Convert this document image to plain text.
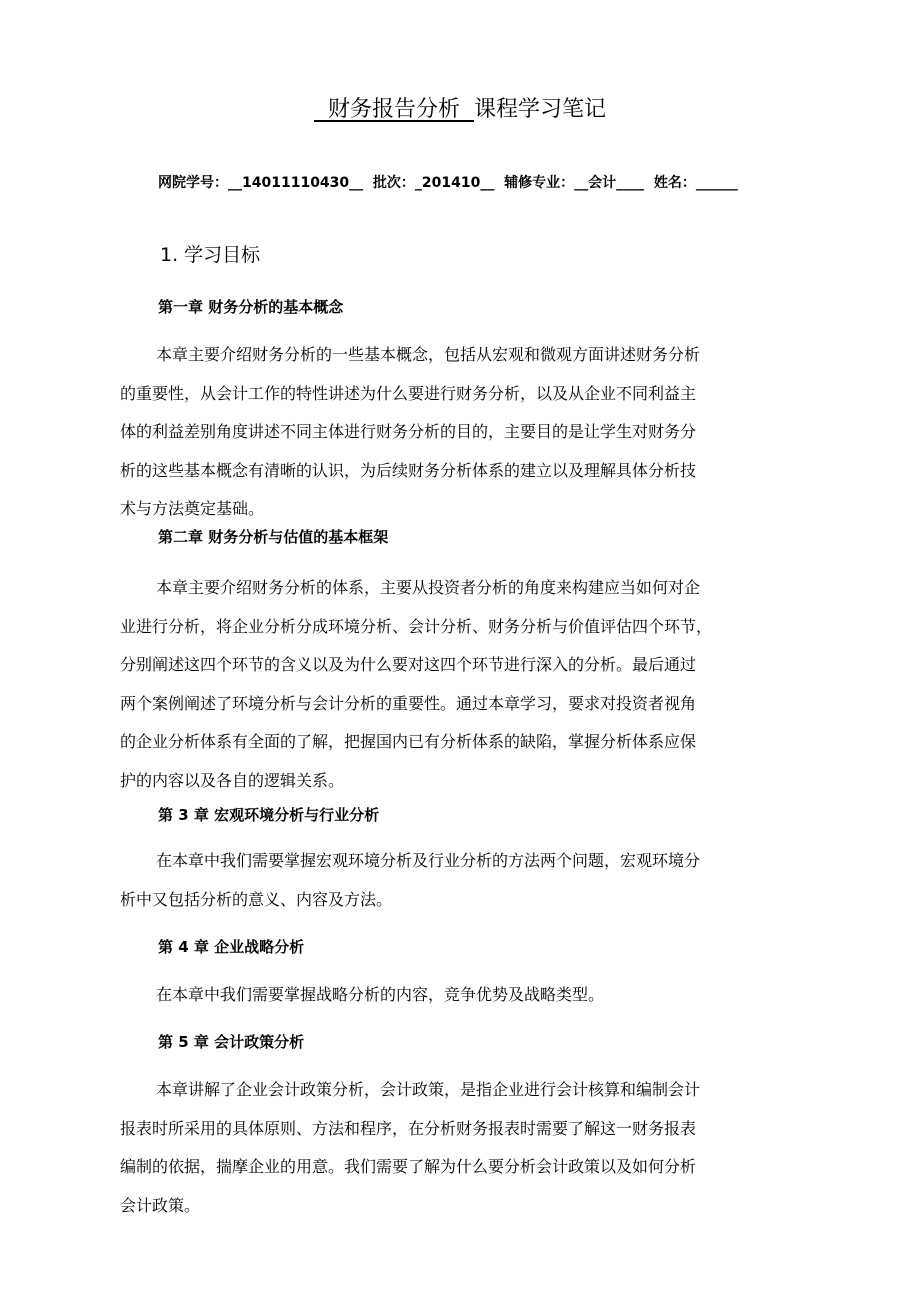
财务报告分析  课程学习笔记
网院学号：__14011110430__  批次：_201410__  辅修专业：__会计____  姓名：______
1. 学习目标
第一章 财务分析的基本概念

本章主要介绍财务分析的一些基本概念，包括从宏观和微观方面讲述财务分析
的重要性，从会计工作的特性讲述为什么要进行财务分析，以及从企业不同利益主
体的利益差别角度讲述不同主体进行财务分析的目的，主要目的是让学生对财务分
析的这些基本概念有清晰的认识，为后续财务分析体系的建立以及理解具体分析技
术与方法奠定基础。

第二章 财务分析与估值的基本框架

本章主要介绍财务分析的体系，主要从投资者分析的角度来构建应当如何对企
业进行分析，将企业分析分成环境分析、会计分析、财务分析与价值评估四个环节，
分别阐述这四个环节的含义以及为什么要对这四个环节进行深入的分析。最后通过
两个案例阐述了环境分析与会计分析的重要性。通过本章学习，要求对投资者视角
的企业分析体系有全面的了解，把握国内已有分析体系的缺陷，掌握分析体系应保
护的内容以及各自的逻辑关系。

第 3 章 宏观环境分析与行业分析

在本章中我们需要掌握宏观环境分析及行业分析的方法两个问题，宏观环境分
析中又包括分析的意义、内容及方法。

第 4 章 企业战略分析

在本章中我们需要掌握战略分析的内容，竞争优势及战略类型。

第 5 章 会计政策分析

本章讲解了企业会计政策分析，会计政策，是指企业进行会计核算和编制会计
报表时所采用的具体原则、方法和程序，在分析财务报表时需要了解这一财务报表
编制的依据，揣摩企业的用意。我们需要了解为什么要分析会计政策以及如何分析
会计政策。
